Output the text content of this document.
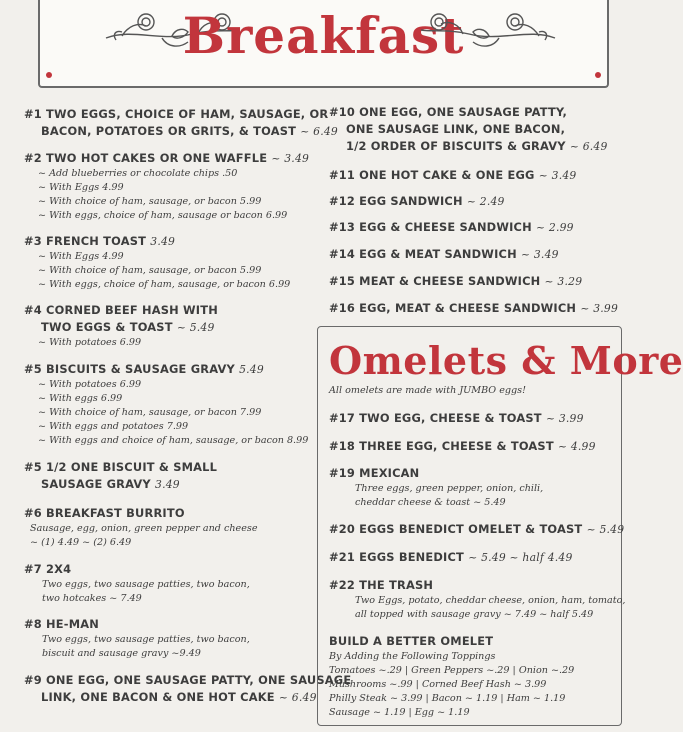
Breakfast
#1 TWO EGGS, CHOICE OF HAM, SAUSAGE, OR
BACON, POTATOES OR GRITS, & TOAST ~ 6.49
#2 TWO HOT CAKES OR ONE WAFFLE ~ 3.49
~ Add blueberries or chocolate chips .50
~ With Eggs 4.99
~ With choice of ham, sausage, or bacon 5.99
~ With eggs, choice of ham, sausage or bacon 6.99
#3 FRENCH TOAST 3.49
~ With Eggs 4.99
~ With choice of ham, sausage, or bacon 5.99
~ With eggs, choice of ham, sausage, or bacon 6.99
#4 CORNED BEEF HASH WITH
TWO EGGS & TOAST ~ 5.49
~ With potatoes 6.99
#5 BISCUITS & SAUSAGE GRAVY 5.49
~ With potatoes 6.99
~ With eggs 6.99
~ With choice of ham, sausage, or bacon 7.99
~ With eggs and potatoes 7.99
~ With eggs and choice of ham, sausage, or bacon 8.99
#5 1/2 ONE BISCUIT & SMALL
SAUSAGE GRAVY 3.49
#6 BREAKFAST BURRITO
Sausage, egg, onion, green pepper and cheese
~ (1) 4.49 ~ (2) 6.49
#7 2X4
Two eggs, two sausage patties, two bacon,
two hotcakes ~ 7.49
#8 HE-MAN
Two eggs, two sausage patties, two bacon,
biscuit and sausage gravy ~9.49
#9 ONE EGG, ONE SAUSAGE PATTY, ONE SAUSAGE
LINK, ONE BACON & ONE HOT CAKE ~ 6.49
#10 ONE EGG, ONE SAUSAGE PATTY,
ONE SAUSAGE LINK, ONE BACON,
1/2 ORDER OF BISCUITS & GRAVY ~ 6.49
#11 ONE HOT CAKE & ONE EGG ~ 3.49
#12 EGG SANDWICH ~ 2.49
#13 EGG & CHEESE SANDWICH ~ 2.99
#14 EGG & MEAT SANDWICH ~ 3.49
#15 MEAT & CHEESE SANDWICH ~ 3.29
#16 EGG, MEAT & CHEESE SANDWICH ~ 3.99
Omelets & More
All omelets are made with JUMBO eggs!
#17 TWO EGG, CHEESE & TOAST ~ 3.99
#18 THREE EGG, CHEESE & TOAST ~ 4.99
#19 MEXICAN
Three eggs, green pepper, onion, chili,
cheddar cheese & toast ~ 5.49
#20 EGGS BENEDICT OMELET & TOAST ~ 5.49
#21 EGGS BENEDICT ~ 5.49 ~ half 4.49
#22 THE TRASH
Two Eggs, potato, cheddar cheese, onion, ham, tomato,
all topped with sausage gravy ~ 7.49 ~ half 5.49
BUILD A BETTER OMELET
By Adding the Following Toppings
Tomatoes ~.29 | Green Peppers ~.29 | Onion ~.29
Mushrooms ~.99 | Corned Beef Hash ~ 3.99
Philly Steak ~ 3.99 | Bacon ~ 1.19 | Ham ~ 1.19
Sausage ~ 1.19 | Egg ~ 1.19
